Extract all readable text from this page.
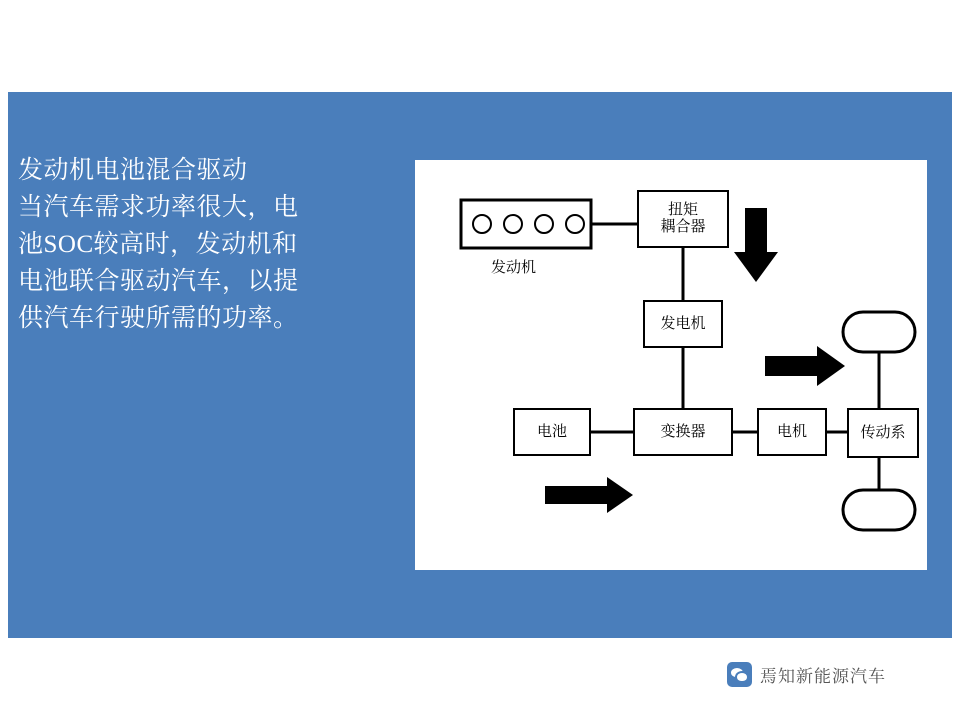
发动机电池混合驱动
当汽车需求功率很大，电
池SOC较高时，发动机和
电池联合驱动汽车，以提
供汽车行驶所需的功率。
发动机
扭矩
耦合器
发电机
电池	变换器	电机	传动系
焉知新能源汽车
